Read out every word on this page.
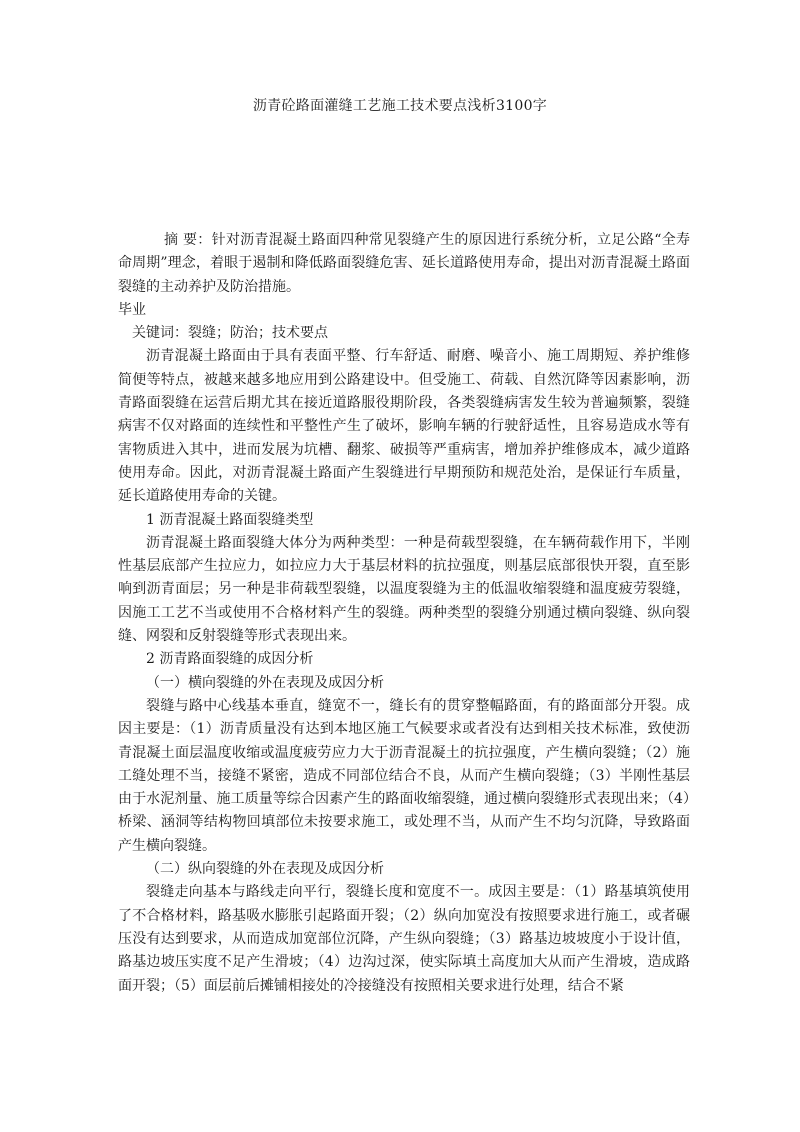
沥青砼路面灌缝工艺施工技术要点浅析3100字

摘 要：针对沥青混凝土路面四种常见裂缝产生的原因进行系统分析，立足公路“全寿命周期”理念，着眼于遏制和降低路面裂缝危害、延长道路使用寿命，提出对沥青混凝土路面裂缝的主动养护及防治措施。

毕业

关键词：裂缝；防治；技术要点

沥青混凝土路面由于具有表面平整、行车舒适、耐磨、噪音小、施工周期短、养护维修简便等特点，被越来越多地应用到公路建设中。但受施工、荷载、自然沉降等因素影响，沥青路面裂缝在运营后期尤其在接近道路服役期阶段，各类裂缝病害发生较为普遍频繁，裂缝病害不仅对路面的连续性和平整性产生了破坏，影响车辆的行驶舒适性，且容易造成水等有害物质进入其中，进而发展为坑槽、翻浆、破损等严重病害，增加养护维修成本，减少道路使用寿命。因此，对沥青混凝土路面产生裂缝进行早期预防和规范处治，是保证行车质量，延长道路使用寿命的关键。

1 沥青混凝土路面裂缝类型

沥青混凝土路面裂缝大体分为两种类型：一种是荷载型裂缝，在车辆荷载作用下，半刚性基层底部产生拉应力，如拉应力大于基层材料的抗拉强度，则基层底部很快开裂，直至影响到沥青面层；另一种是非荷载型裂缝，以温度裂缝为主的低温收缩裂缝和温度疲劳裂缝，因施工工艺不当或使用不合格材料产生的裂缝。两种类型的裂缝分别通过横向裂缝、纵向裂缝、网裂和反射裂缝等形式表现出来。

2 沥青路面裂缝的成因分析

（一）横向裂缝的外在表现及成因分析

裂缝与路中心线基本垂直，缝宽不一，缝长有的贯穿整幅路面，有的路面部分开裂。成因主要是：（1）沥青质量没有达到本地区施工气候要求或者没有达到相关技术标准，致使沥青混凝土面层温度收缩或温度疲劳应力大于沥青混凝土的抗拉强度，产生横向裂缝；（2）施工缝处理不当，接缝不紧密，造成不同部位结合不良，从而产生横向裂缝；（3）半刚性基层由于水泥剂量、施工质量等综合因素产生的路面收缩裂缝，通过横向裂缝形式表现出来；（4）桥梁、涵洞等结构物回填部位未按要求施工，或处理不当，从而产生不均匀沉降，导致路面产生横向裂缝。

（二）纵向裂缝的外在表现及成因分析

裂缝走向基本与路线走向平行，裂缝长度和宽度不一。成因主要是：（1）路基填筑使用了不合格材料，路基吸水膨胀引起路面开裂；（2）纵向加宽没有按照要求进行施工，或者碾压没有达到要求，从而造成加宽部位沉降，产生纵向裂缝；（3）路基边坡坡度小于设计值，路基边坡压实度不足产生滑坡；（4）边沟过深，使实际填土高度加大从而产生滑坡，造成路面开裂；（5）面层前后摊铺相接处的冷接缝没有按照相关要求进行处理，结合不紧
